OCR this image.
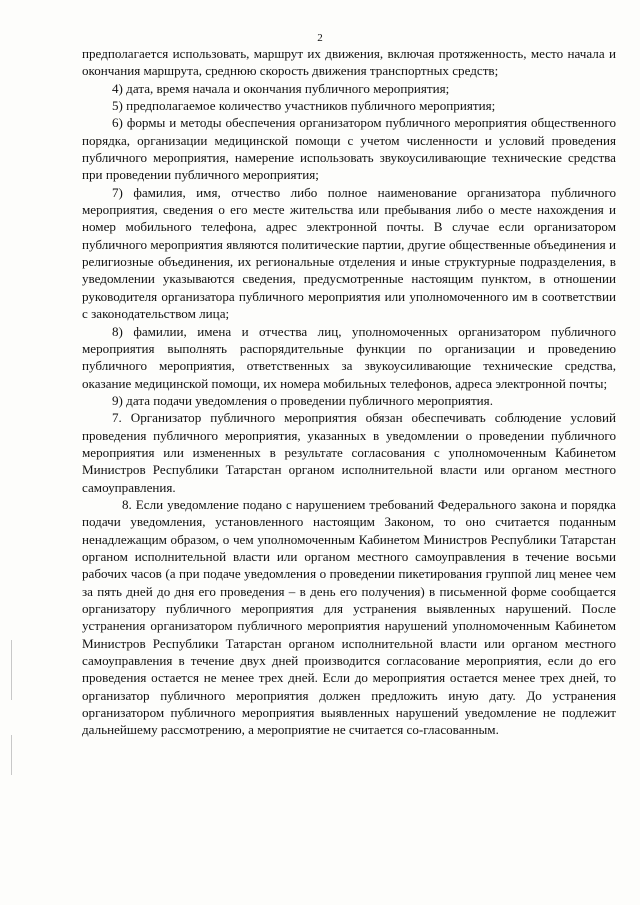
2

предполагается использовать, маршрут их движения, включая протяженность, место начала и окончания маршрута, среднюю скорость движения транспортных средств;

4) дата, время начала и окончания публичного мероприятия;

5) предполагаемое количество участников публичного мероприятия;

6) формы и методы обеспечения организатором публичного мероприятия общественного порядка, организации медицинской помощи с учетом численности и условий проведения публичного мероприятия, намерение использовать звукоусиливающие технические средства при проведении публичного мероприятия;

7) фамилия, имя, отчество либо полное наименование организатора публичного мероприятия, сведения о его месте жительства или пребывания либо о месте нахождения и номер мобильного телефона, адрес электронной почты. В случае если организатором публичного мероприятия являются политические партии, другие общественные объединения и религиозные объединения, их региональные отделения и иные структурные подразделения, в уведомлении указываются сведения, предусмотренные настоящим пунктом, в отношении руководителя организатора публичного мероприятия или уполномоченного им в соответствии с законодательством лица;

8) фамилии, имена и отчества лиц, уполномоченных организатором публичного мероприятия выполнять распорядительные функции по организации и проведению публичного мероприятия, ответственных за звукоусиливающие технические средства, оказание медицинской помощи, их номера мобильных телефонов, адреса электронной почты;

9) дата подачи уведомления о проведении публичного мероприятия.

7. Организатор публичного мероприятия обязан обеспечивать соблюдение условий проведения публичного мероприятия, указанных в уведомлении о проведении публичного мероприятия или измененных в результате согласования с уполномоченным Кабинетом Министров Республики Татарстан органом исполнительной власти или органом местного самоуправления.

8. Если уведомление подано с нарушением требований Федерального закона и порядка подачи уведомления, установленного настоящим Законом, то оно считается поданным ненадлежащим образом, о чем уполномоченным Кабинетом Министров Республики Татарстан органом исполнительной власти или органом местного самоуправления в течение восьми рабочих часов (а при подаче уведомления о проведении пикетирования группой лиц менее чем за пять дней до дня его проведения – в день его получения) в письменной форме сообщается организатору публичного мероприятия для устранения выявленных нарушений. После устранения организатором публичного мероприятия нарушений уполномоченным Кабинетом Министров Республики Татарстан органом исполнительной власти или органом местного самоуправления в течение двух дней производится согласование мероприятия, если до его проведения остается не менее трех дней. Если до мероприятия остается менее трех дней, то организатор публичного мероприятия должен предложить иную дату. До устранения организатором публичного мероприятия выявленных нарушений уведомление не подлежит дальнейшему рассмотрению, а мероприятие не считается со-гласованным.
